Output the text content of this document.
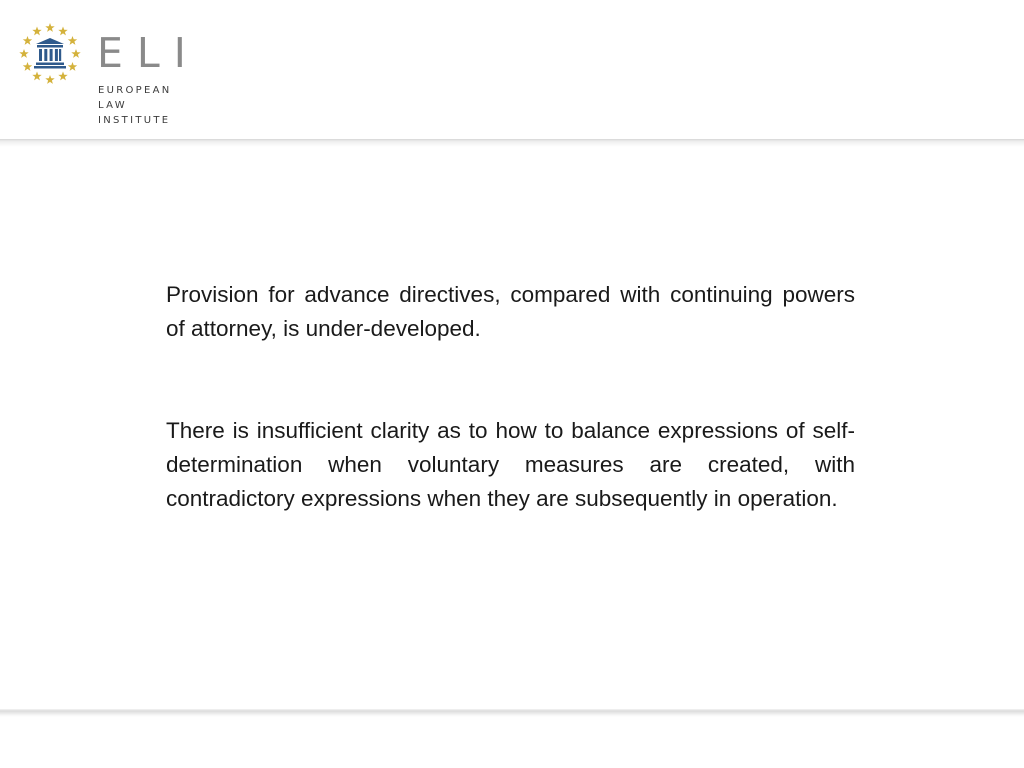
ELI
EUROPEAN
LAW
INSTITUTE

Provision for advance directives, compared with continuing powers of attorney, is under-developed.

There is insufficient clarity as to how to balance expressions of self-determination when voluntary measures are created, with contradictory expressions when they are subsequently in operation.
